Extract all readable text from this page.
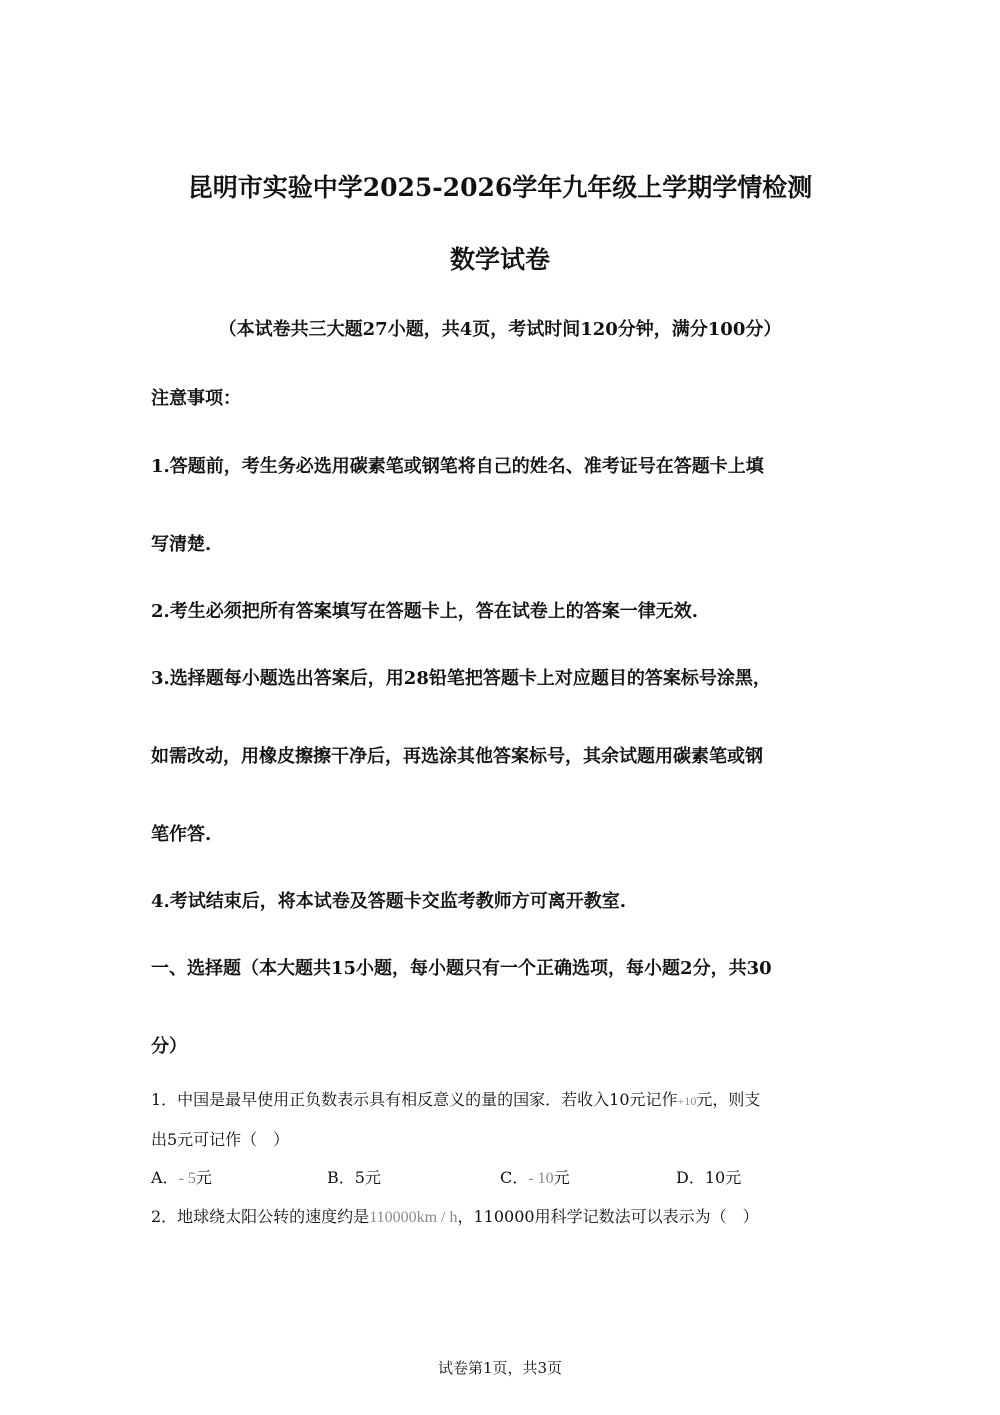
昆明市实验中学2025-2026学年九年级上学期学情检测
数学试卷
（本试卷共三大题27小题，共4页，考试时间120分钟，满分100分）
注意事项：
1.答题前，考生务必选用碳素笔或钢笔将自己的姓名、准考证号在答题卡上填
写清楚.
2.考生必须把所有答案填写在答题卡上，答在试卷上的答案一律无效.
3.选择题每小题选出答案后，用28铅笔把答题卡上对应题目的答案标号涂黑，
如需改动，用橡皮擦擦干净后，再选涂其他答案标号，其余试题用碳素笔或钢
笔作答.
4.考试结束后，将本试卷及答题卡交监考教师方可离开教室.
一、选择题（本大题共15小题，每小题只有一个正确选项，每小题2分，共30
分）
1．中国是最早使用正负数表示具有相反意义的量的国家．若收入10元记作+10元，则支
出5元可记作（　）
A．- 5元	B．5元	C．- 10元	D．10元
2．地球绕太阳公转的速度约是110000km / h，110000用科学记数法可以表示为（　）
试卷第1页，共3页
